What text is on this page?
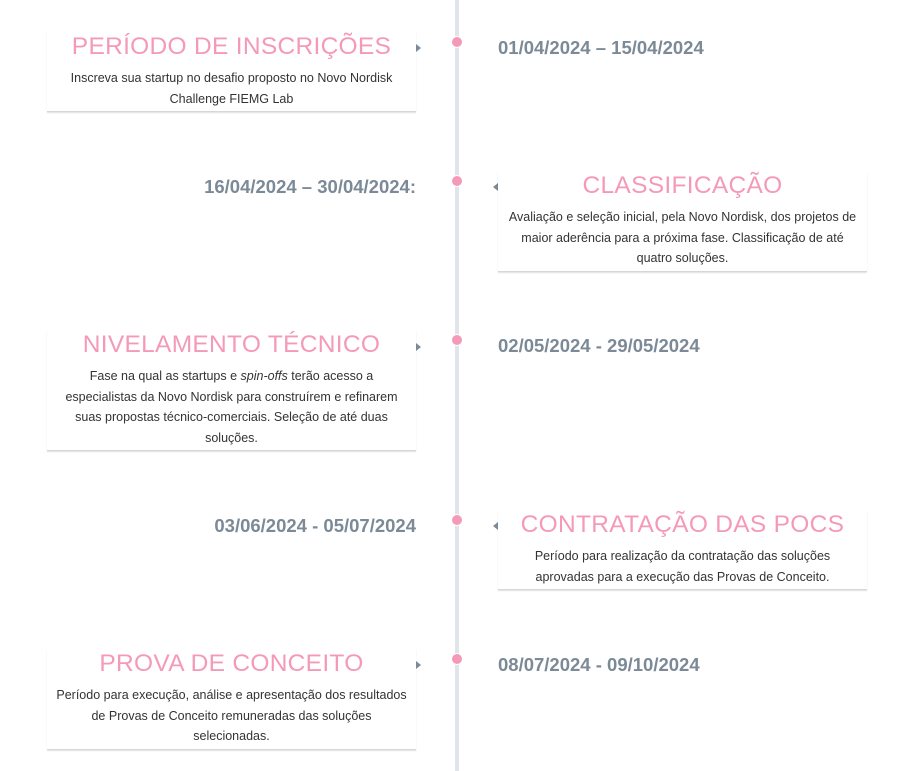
PERÍODO DE INSCRIÇÕES

Inscreva sua startup no desafio proposto no Novo Nordisk Challenge FIEMG Lab

01/04/2024 – 15/04/2024
16/04/2024 – 30/04/2024:	CLASSIFICAÇÃO

Avaliação e seleção inicial, pela Novo Nordisk, dos projetos de maior aderência para a próxima fase. Classificação de até quatro soluções.

NIVELAMENTO TÉCNICO

Fase na qual as startups e spin-offs terão acesso a especialistas da Novo Nordisk para construírem e refinarem suas propostas técnico-comerciais. Seleção de até duas soluções.

02/05/2024 - 29/05/2024
03/06/2024 - 05/07/2024	CONTRATAÇÃO DAS POCS

Período para realização da contratação das soluções aprovadas para a execução das Provas de Conceito.

PROVA DE CONCEITO

Período para execução, análise e apresentação dos resultados de Provas de Conceito remuneradas das soluções selecionadas.

08/07/2024 - 09/10/2024
